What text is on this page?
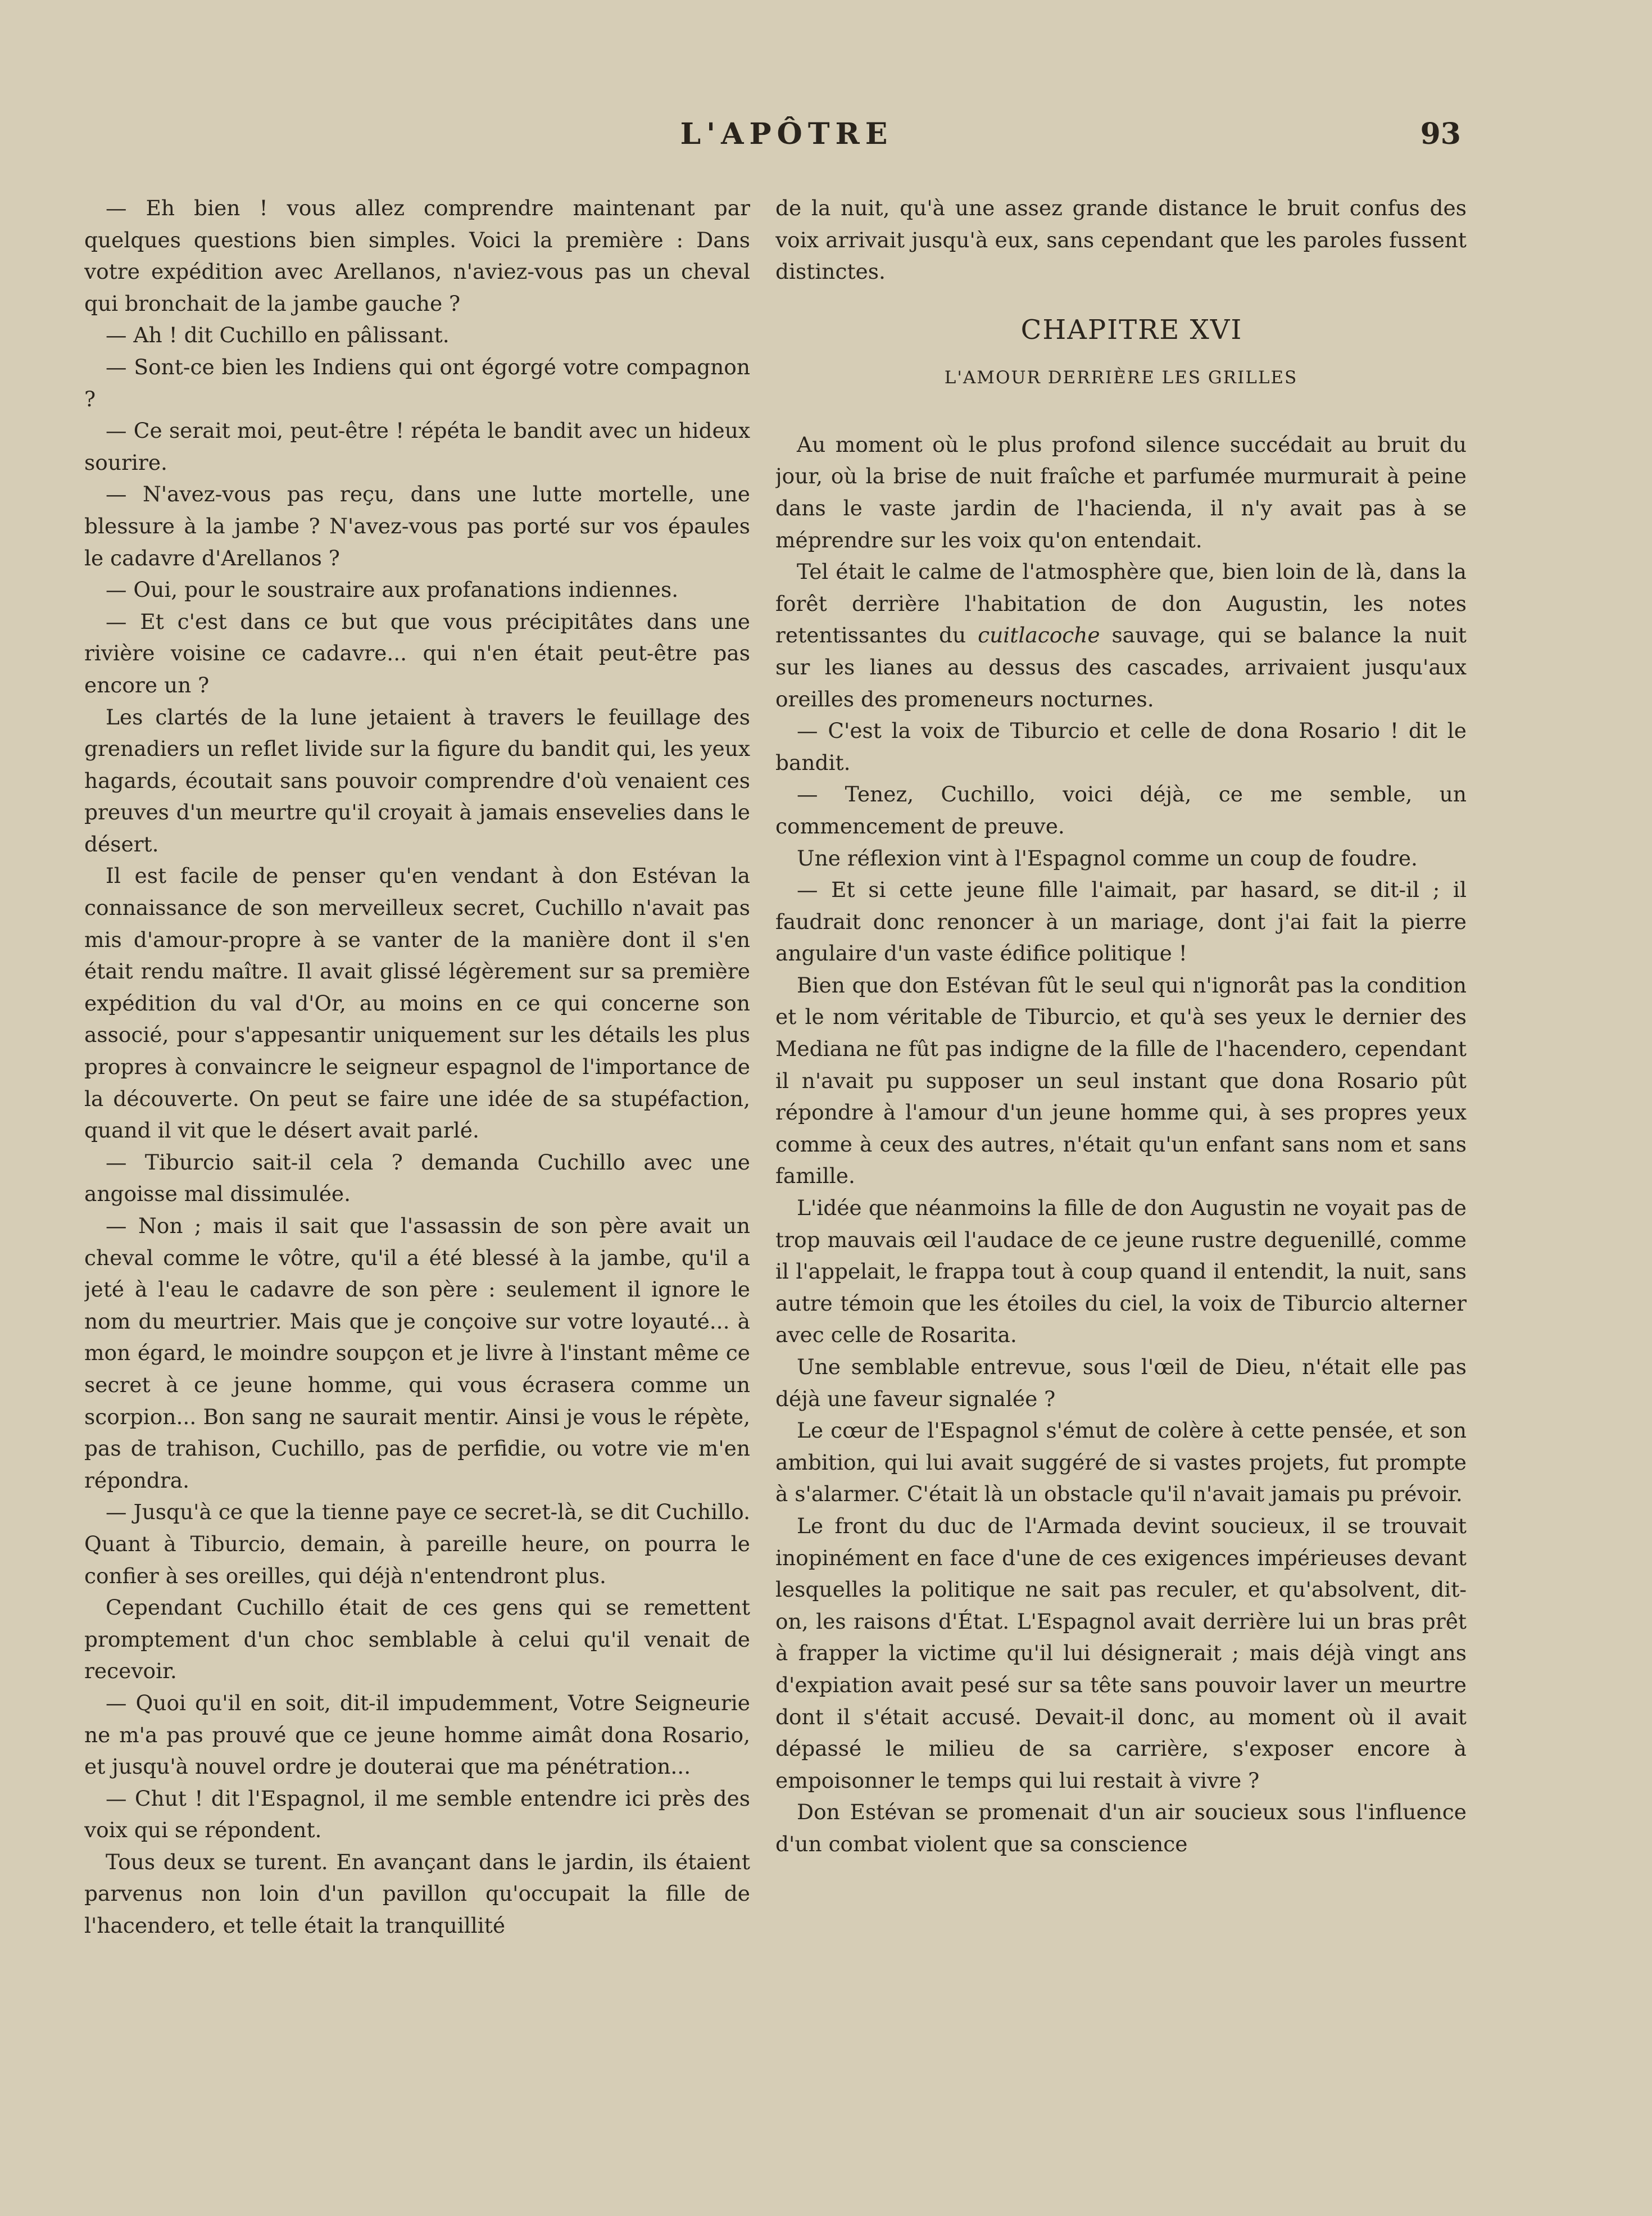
L'APÔTRE	93

— Eh bien ! vous allez comprendre maintenant par quelques questions bien simples. Voici la première : Dans votre expédition avec Arellanos, n'aviez-vous pas un cheval qui bronchait de la jambe gauche ?

— Ah ! dit Cuchillo en pâlissant.

— Sont-ce bien les Indiens qui ont égorgé votre compagnon ?

— Ce serait moi, peut-être ! répéta le bandit avec un hideux sourire.

— N'avez-vous pas reçu, dans une lutte mortelle, une blessure à la jambe ? N'avez-vous pas porté sur vos épaules le cadavre d'Arellanos ?

— Oui, pour le soustraire aux profanations indiennes.

— Et c'est dans ce but que vous précipitâtes dans une rivière voisine ce cadavre... qui n'en était peut-être pas encore un ?

Les clartés de la lune jetaient à travers le feuillage des grenadiers un reflet livide sur la figure du bandit qui, les yeux hagards, écoutait sans pouvoir comprendre d'où venaient ces preuves d'un meurtre qu'il croyait à jamais ensevelies dans le désert.

Il est facile de penser qu'en vendant à don Estévan la connaissance de son merveilleux secret, Cuchillo n'avait pas mis d'amour-propre à se vanter de la manière dont il s'en était rendu maître. Il avait glissé légèrement sur sa première expédition du val d'Or, au moins en ce qui concerne son associé, pour s'appesantir uniquement sur les détails les plus propres à convaincre le seigneur espagnol de l'importance de la découverte. On peut se faire une idée de sa stupéfaction, quand il vit que le désert avait parlé.

— Tiburcio sait-il cela ? demanda Cuchillo avec une angoisse mal dissimulée.

— Non ; mais il sait que l'assassin de son père avait un cheval comme le vôtre, qu'il a été blessé à la jambe, qu'il a jeté à l'eau le cadavre de son père : seulement il ignore le nom du meurtrier. Mais que je conçoive sur votre loyauté... à mon égard, le moindre soupçon et je livre à l'instant même ce secret à ce jeune homme, qui vous écrasera comme un scorpion... Bon sang ne saurait mentir. Ainsi je vous le répète, pas de trahison, Cuchillo, pas de perfidie, ou votre vie m'en répondra.

— Jusqu'à ce que la tienne paye ce secret-là, se dit Cuchillo. Quant à Tiburcio, demain, à pareille heure, on pourra le confier à ses oreilles, qui déjà n'entendront plus.

Cependant Cuchillo était de ces gens qui se remettent promptement d'un choc semblable à celui qu'il venait de recevoir.

— Quoi qu'il en soit, dit-il impudemment, Votre Seigneurie ne m'a pas prouvé que ce jeune homme aimât dona Rosario, et jusqu'à nouvel ordre je douterai que ma pénétration...

— Chut ! dit l'Espagnol, il me semble entendre ici près des voix qui se répondent.

Tous deux se turent. En avançant dans le jardin, ils étaient parvenus non loin d'un pavillon qu'occupait la fille de l'hacendero, et telle était la tranquillité

de la nuit, qu'à une assez grande distance le bruit confus des voix arrivait jusqu'à eux, sans cependant que les paroles fussent distinctes.

CHAPITRE XVI

L'AMOUR DERRIÈRE LES GRILLES

Au moment où le plus profond silence succédait au bruit du jour, où la brise de nuit fraîche et parfumée murmurait à peine dans le vaste jardin de l'hacienda, il n'y avait pas à se méprendre sur les voix qu'on entendait.

Tel était le calme de l'atmosphère que, bien loin de là, dans la forêt derrière l'habitation de don Augustin, les notes retentissantes du cuitlacoche sauvage, qui se balance la nuit sur les lianes au dessus des cascades, arrivaient jusqu'aux oreilles des promeneurs nocturnes.

— C'est la voix de Tiburcio et celle de dona Rosario ! dit le bandit.

— Tenez, Cuchillo, voici déjà, ce me semble, un commencement de preuve.

Une réflexion vint à l'Espagnol comme un coup de foudre.

— Et si cette jeune fille l'aimait, par hasard, se dit-il ; il faudrait donc renoncer à un mariage, dont j'ai fait la pierre angulaire d'un vaste édifice politique !

Bien que don Estévan fût le seul qui n'ignorât pas la condition et le nom véritable de Tiburcio, et qu'à ses yeux le dernier des Mediana ne fût pas indigne de la fille de l'hacendero, cependant il n'avait pu supposer un seul instant que dona Rosario pût répondre à l'amour d'un jeune homme qui, à ses propres yeux comme à ceux des autres, n'était qu'un enfant sans nom et sans famille.

L'idée que néanmoins la fille de don Augustin ne voyait pas de trop mauvais œil l'audace de ce jeune rustre deguenillé, comme il l'appelait, le frappa tout à coup quand il entendit, la nuit, sans autre témoin que les étoiles du ciel, la voix de Tiburcio alterner avec celle de Rosarita.

Une semblable entrevue, sous l'œil de Dieu, n'était elle pas déjà une faveur signalée ?

Le cœur de l'Espagnol s'émut de colère à cette pensée, et son ambition, qui lui avait suggéré de si vastes projets, fut prompte à s'alarmer. C'était là un obstacle qu'il n'avait jamais pu prévoir.

Le front du duc de l'Armada devint soucieux, il se trouvait inopinément en face d'une de ces exigences impérieuses devant lesquelles la politique ne sait pas reculer, et qu'absolvent, dit-on, les raisons d'État. L'Espagnol avait derrière lui un bras prêt à frapper la victime qu'il lui désignerait ; mais déjà vingt ans d'expiation avait pesé sur sa tête sans pouvoir laver un meurtre dont il s'était accusé. Devait-il donc, au moment où il avait dépassé le milieu de sa carrière, s'exposer encore à empoisonner le temps qui lui restait à vivre ?

Don Estévan se promenait d'un air soucieux sous l'influence d'un combat violent que sa conscience
